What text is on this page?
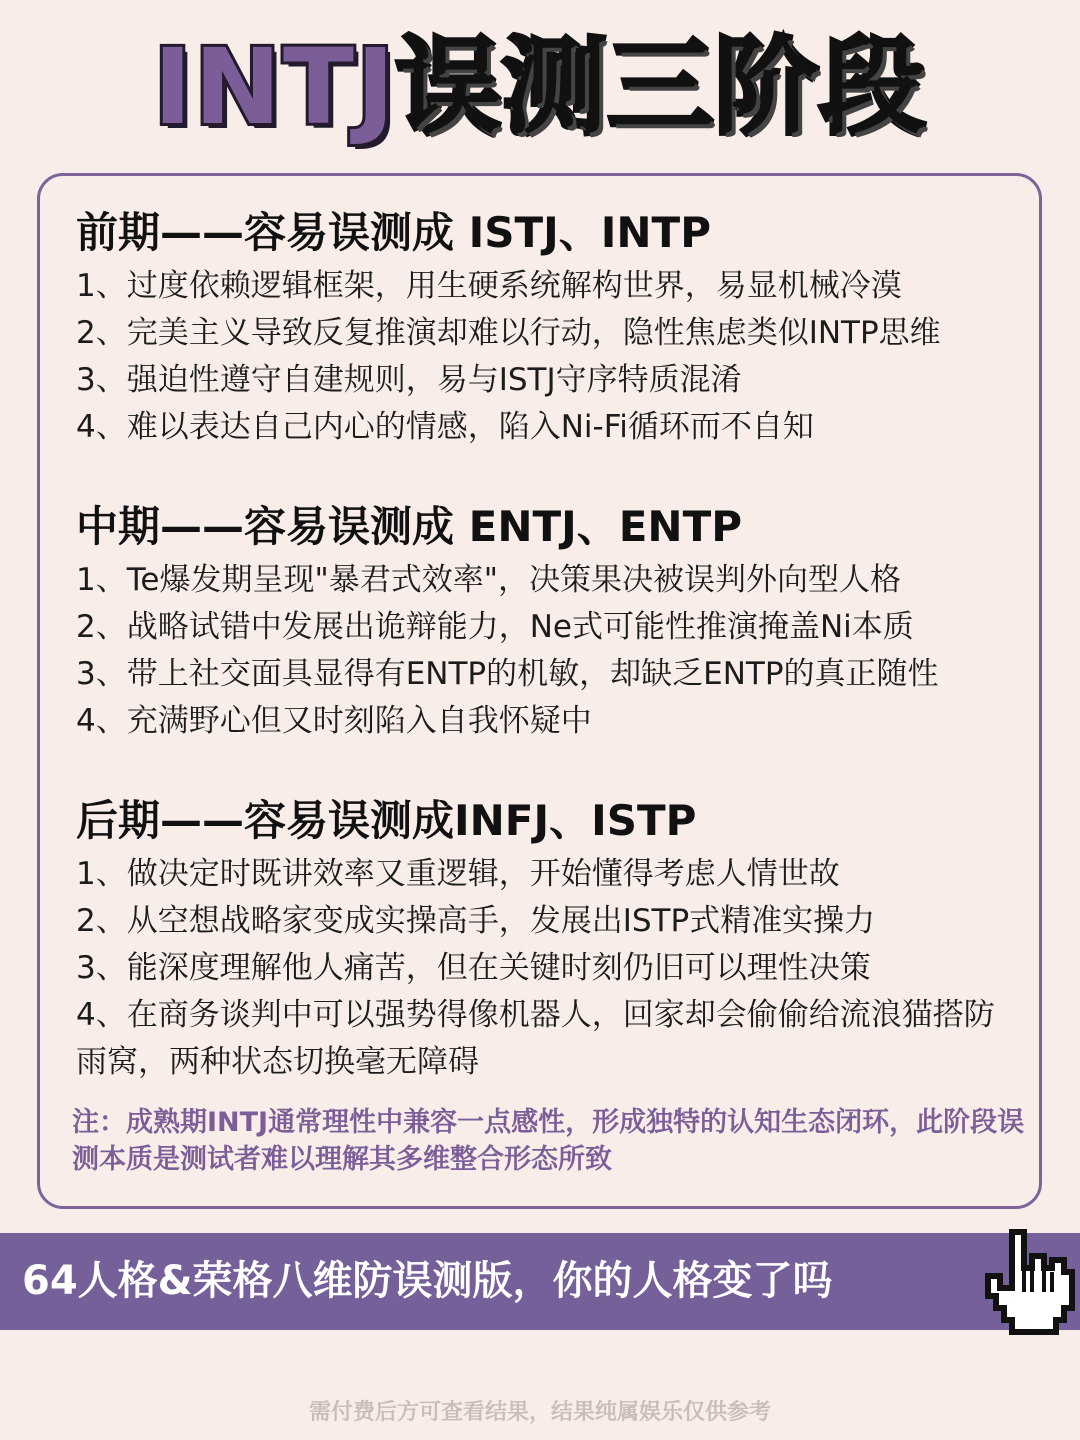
INTJ误测三阶段
前期——容易误测成 ISTJ、INTP
1、过度依赖逻辑框架，用生硬系统解构世界，易显机械冷漠
2、完美主义导致反复推演却难以行动，隐性焦虑类似INTP思维
3、强迫性遵守自建规则，易与ISTJ守序特质混淆
4、难以表达自己内心的情感，陷入Ni-Fi循环而不自知
中期——容易误测成 ENTJ、ENTP
1、Te爆发期呈现"暴君式效率"，决策果决被误判外向型人格
2、战略试错中发展出诡辩能力，Ne式可能性推演掩盖Ni本质
3、带上社交面具显得有ENTP的机敏，却缺乏ENTP的真正随性
4、充满野心但又时刻陷入自我怀疑中
后期——容易误测成INFJ、ISTP
1、做决定时既讲效率又重逻辑，开始懂得考虑人情世故
2、从空想战略家变成实操高手，发展出ISTP式精准实操力
3、能深度理解他人痛苦，但在关键时刻仍旧可以理性决策
4、在商务谈判中可以强势得像机器人，回家却会偷偷给流浪猫搭防雨窝，两种状态切换毫无障碍
注：成熟期INTJ通常理性中兼容一点感性，形成独特的认知生态闭环，此阶段误测本质是测试者难以理解其多维整合形态所致
64人格&荣格八维防误测版，你的人格变了吗
需付费后方可查看结果，结果纯属娱乐仅供参考
